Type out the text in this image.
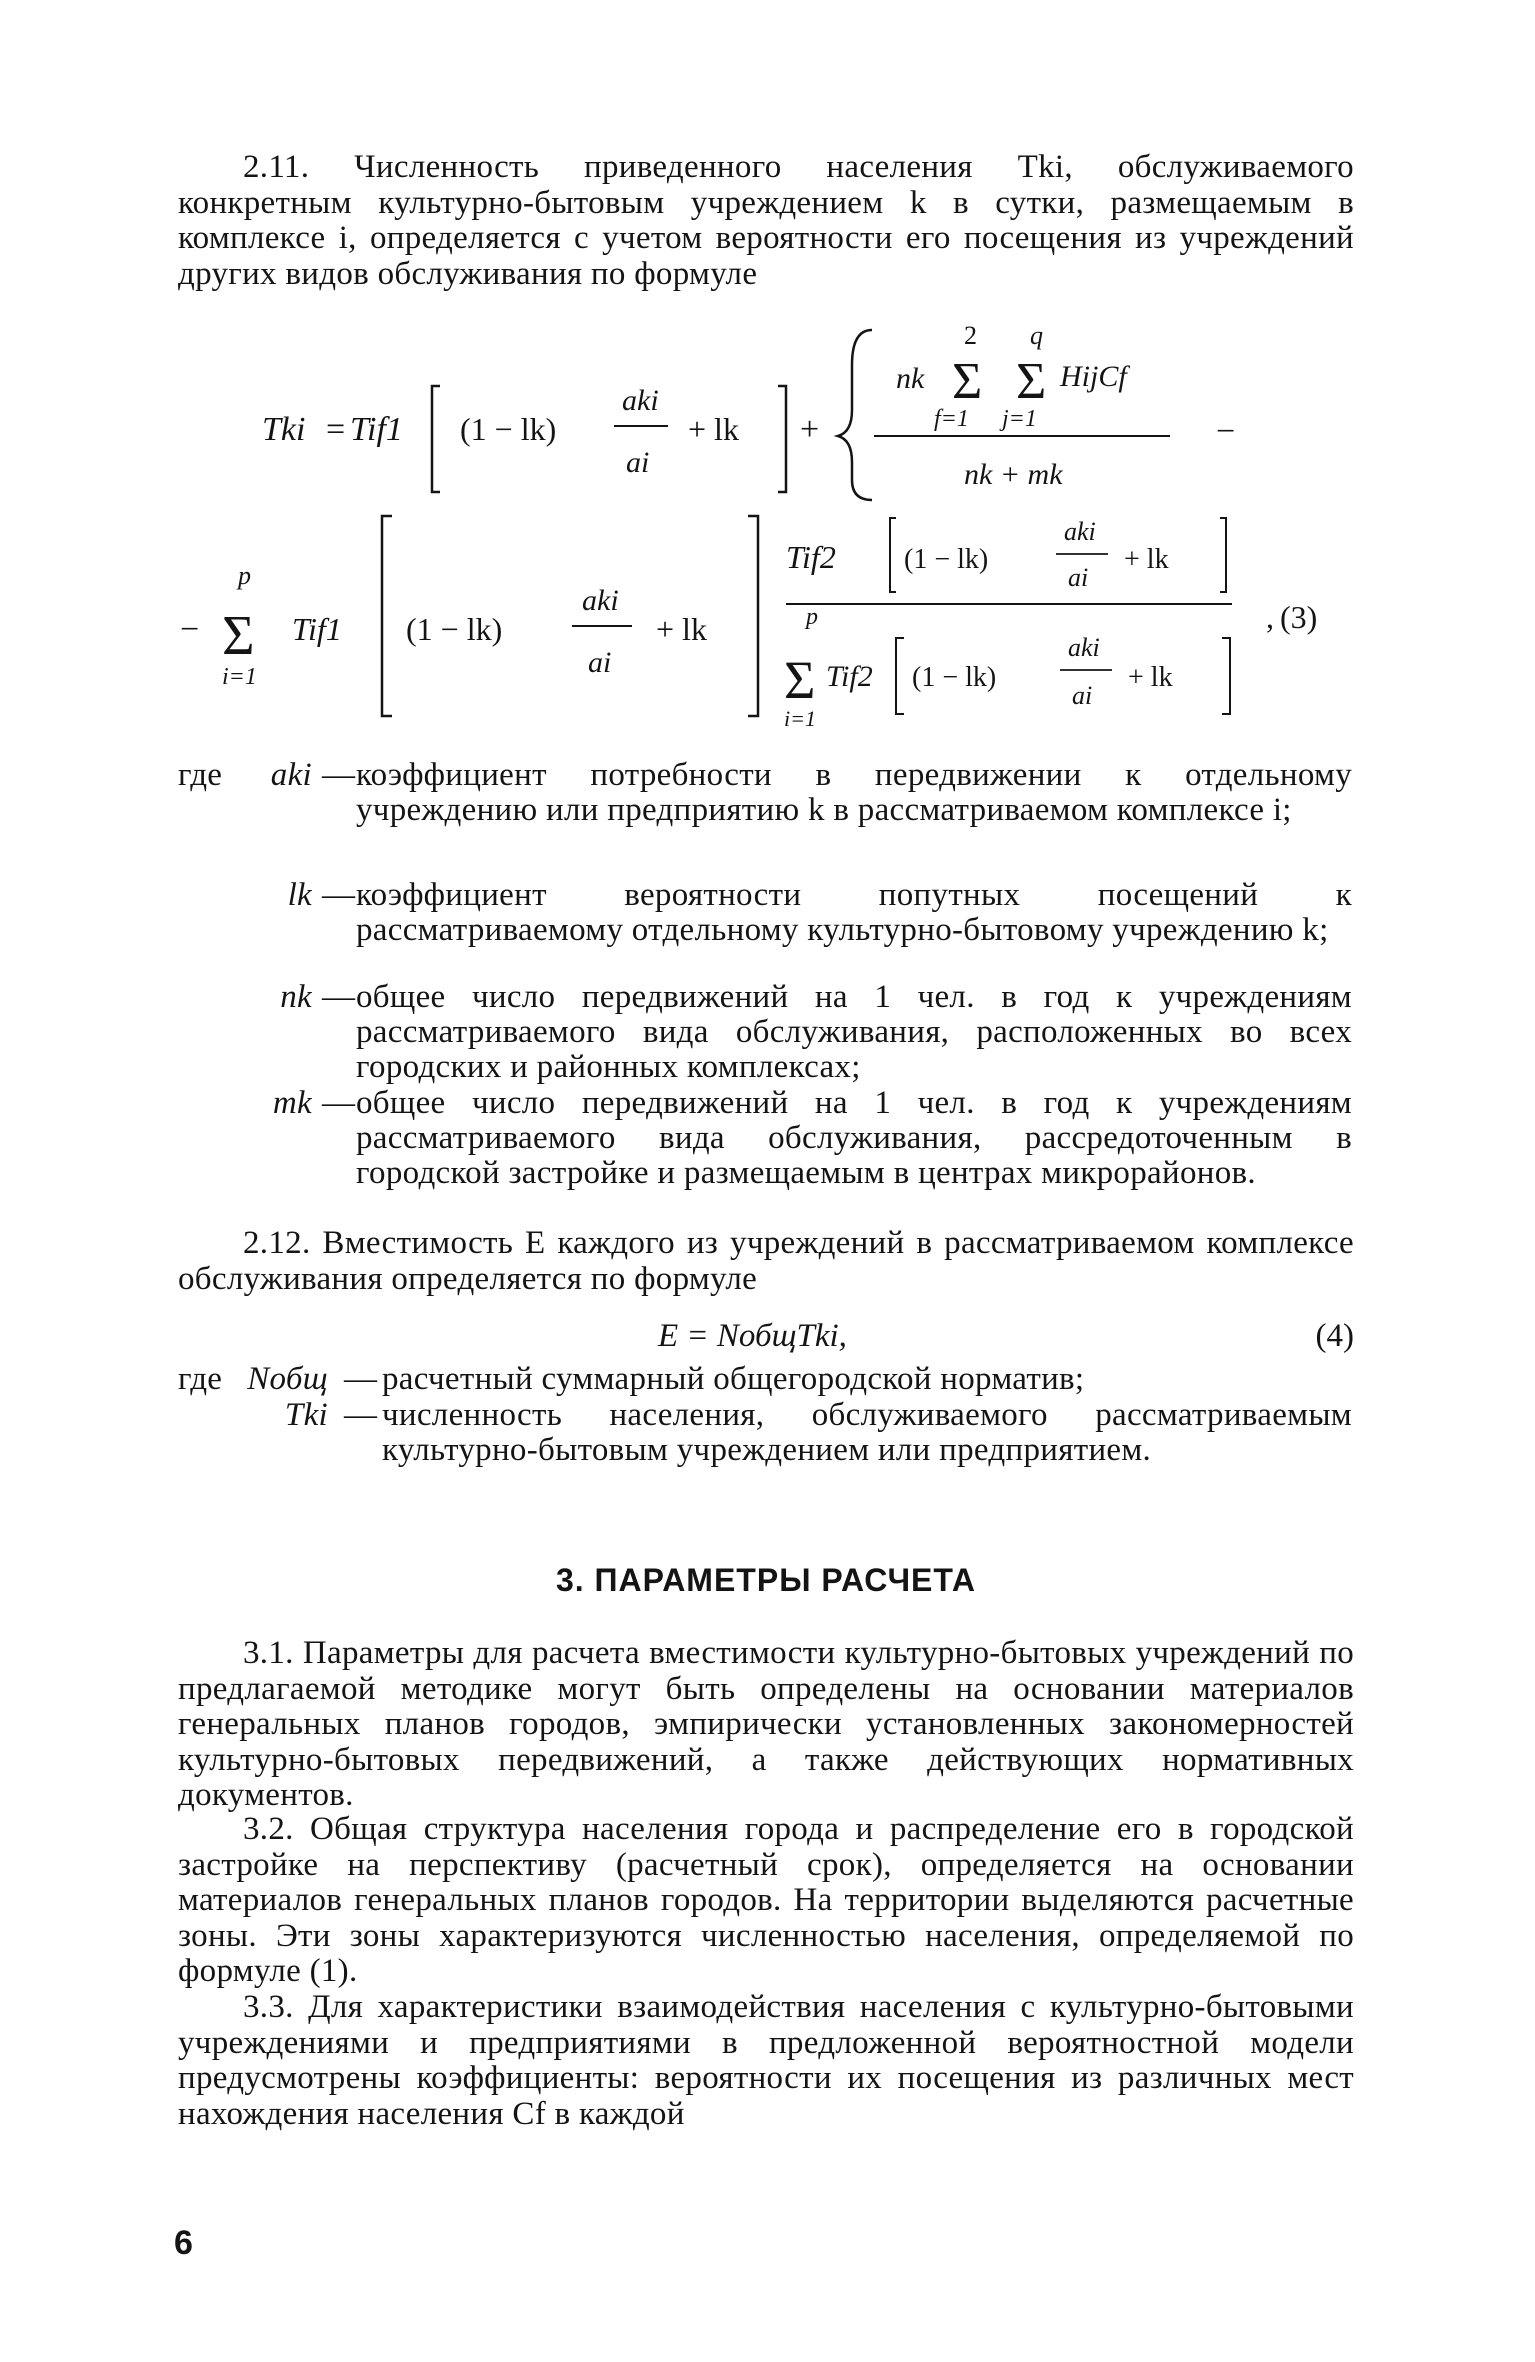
2.11. Численность приведенного населения Tki, обслуживаемого конкретным культурно-бытовым учреждением k в сутки, размещаемым в комплексе i, определяется с учетом вероятности его посещения из учреждений других видов обслуживания по формуле
Tki = Tif1 (1 − lk)
aki
ai
+ lk +
2 q
nk Σ Σ HijCf
f=1 j=1
nk + mk
−
−
p
Σ
i=1
Tif1 (1 − lk)
aki
ai
+ lk
Tif2 (1 − lk)
aki
ai
+ lk
p
Σ
i=1
Tif2 (1 − lk)
aki
ai
+ lk
, (3)
где	aki — коэффициент потребности в передвижении к отдельному учреждению или предприятию k в рассматриваемом комплексе i;
lk — коэффициент вероятности попутных посещений к рассматриваемому отдельному культурно-бытовому учреждению k;
nk — общее число передвижений на 1 чел. в год к учреждениям рассматриваемого вида обслуживания, расположенных во всех городских и районных комплексах;
mk — общее число передвижений на 1 чел. в год к учреждениям рассматриваемого вида обслуживания, рассредоточенным в городской застройке и размещаемым в центрах микрорайонов.
2.12. Вместимость E каждого из учреждений в рассматриваемом комплексе обслуживания определяется по формуле
E = NобщTki,	(4)
где Nобщ — расчетный суммарный общегородской норматив;
Tki — численность населения, обслуживаемого рассматриваемым культурно-бытовым учреждением или предприятием.
3. ПАРАМЕТРЫ РАСЧЕТА
3.1. Параметры для расчета вместимости культурно-бытовых учреждений по предлагаемой методике могут быть определены на основании материалов генеральных планов городов, эмпирически установленных закономерностей культурно-бытовых передвижений, а также действующих нормативных документов.
3.2. Общая структура населения города и распределение его в городской застройке на перспективу (расчетный срок), определяется на основании материалов генеральных планов городов. На территории выделяются расчетные зоны. Эти зоны характеризуются численностью населения, определяемой по формуле (1).
3.3. Для характеристики взаимодействия населения с культурно-бытовыми учреждениями и предприятиями в предложенной вероятностной модели предусмотрены коэффициенты: вероятности их посещения из различных мест нахождения населения Cf в каждой
6
